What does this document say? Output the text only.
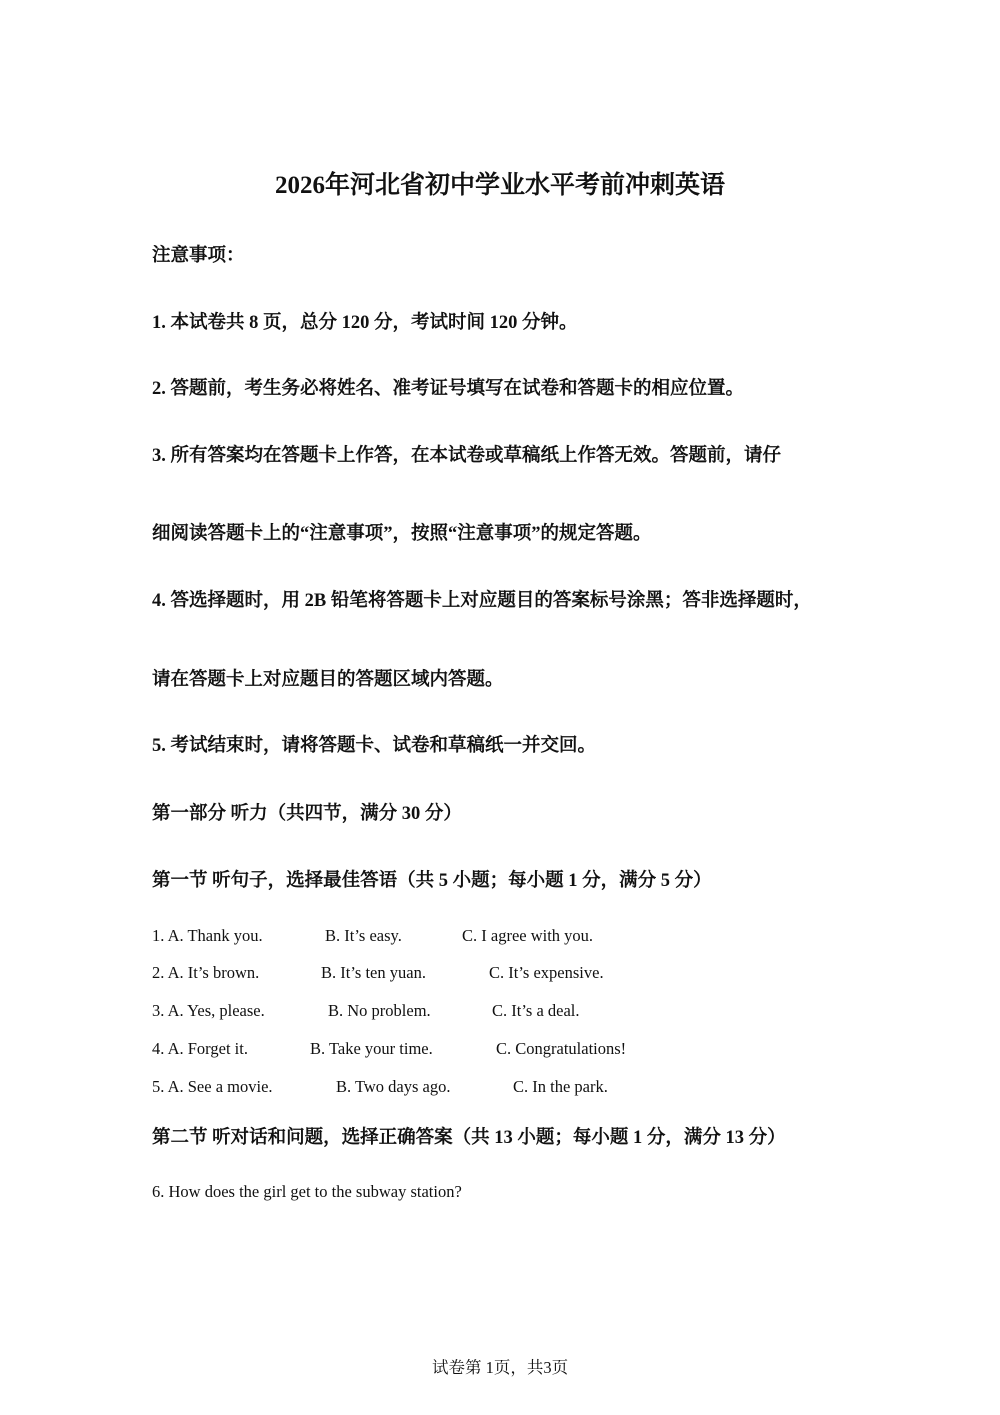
2026年河北省初中学业水平考前冲刺英语
注意事项：
1. 本试卷共 8 页，总分 120 分，考试时间 120 分钟。
2. 答题前，考生务必将姓名、准考证号填写在试卷和答题卡的相应位置。
3. 所有答案均在答题卡上作答，在本试卷或草稿纸上作答无效。答题前，请仔
细阅读答题卡上的“注意事项”，按照“注意事项”的规定答题。
4. 答选择题时，用 2B 铅笔将答题卡上对应题目的答案标号涂黑；答非选择题时，
请在答题卡上对应题目的答题区域内答题。
5. 考试结束时，请将答题卡、试卷和草稿纸一并交回。
第一部分 听力（共四节，满分 30 分）
第一节 听句子，选择最佳答语（共 5 小题；每小题 1 分，满分 5 分）
1. A. Thank you.	B. It’s easy.	C. I agree with you.
2. A. It’s brown.	B. It’s ten yuan.	C. It’s expensive.
3. A. Yes, please.	B. No problem.	C. It’s a deal.
4. A. Forget it.	B. Take your time.	C. Congratulations!
5. A. See a movie.	B. Two days ago.	C. In the park.
第二节 听对话和问题，选择正确答案（共 13 小题；每小题 1 分，满分 13 分）
6. How does the girl get to the subway station?
试卷第 1页，共3页
